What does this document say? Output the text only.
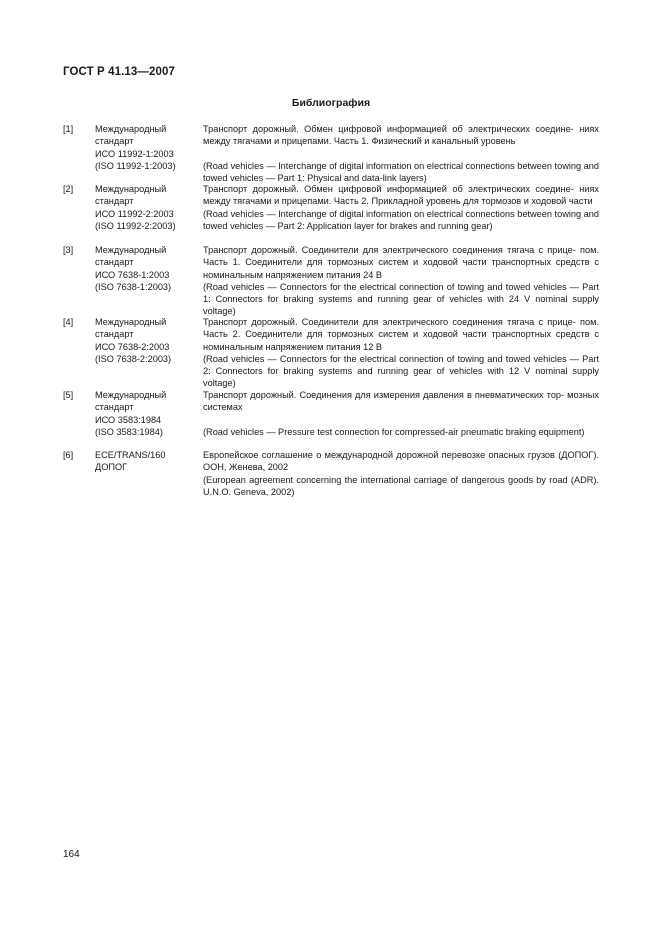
ГОСТ Р 41.13—2007
Библиография
[1] Международный
стандарт
ИСО 11992-1:2003
(ISO 11992-1:2003)

Транспорт дорожный. Обмен цифровой информацией об электрических соедине- ниях между тягачами и прицепами. Часть 1. Физический и канальный уровень

(Road vehicles — Interchange of digital information on electrical connections between towing and towed vehicles — Part 1: Physical and data-link layers)

[2] Международный
стандарт
ИСО 11992-2:2003
(ISO 11992-2:2003)

Транспорт дорожный. Обмен цифровой информацией об электрических соедине- ниях между тягачами и прицепами. Часть 2. Прикладной уровень для тормозов и ходовой части

(Road vehicles — Interchange of digital information on electrical connections between towing and towed vehicles — Part 2: Application layer for brakes and running gear)

[3] Международный
стандарт
ИСО 7638-1:2003
(ISO 7638-1:2003)

Транспорт дорожный. Соединители для электрического соединения тягача с прице- пом. Часть 1. Соединители для тормозных систем и ходовой части транспортных средств с номинальным напряжением питания 24 В

(Road vehicles — Connectors for the electrical connection of towing and towed vehicles — Part 1: Connectors for braking systems and running gear of vehicles with 24 V nominal supply voltage)

[4] Международный
стандарт
ИСО 7638-2:2003
(ISO 7638-2:2003)

Транспорт дорожный. Соединители для электрического соединения тягача с прице- пом. Часть 2. Соединители для тормозных систем и ходовой части транспортных средств с номинальным напряжением питания 12 В

(Road vehicles — Connectors for the electrical connection of towing and towed vehicles — Part 2: Connectors for braking systems and running gear of vehicles with 12 V nominal supply voltage)

[5] Международный
стандарт
ИСО 3583:1984
(ISO 3583:1984)

Транспорт дорожный. Соединения для измерения давления в пневматических тор- мозных системах

(Road vehicles — Pressure test connection for compressed-air pneumatic braking equipment)

[6] ECE/TRANS/160
ДОПОГ

Европейское соглашение о международной дорожной перевозке опасных грузов (ДОПОГ). ООН, Женева, 2002

(European agreement concerning the international carriage of dangerous goods by road (ADR). U.N.O. Geneva, 2002)

164
